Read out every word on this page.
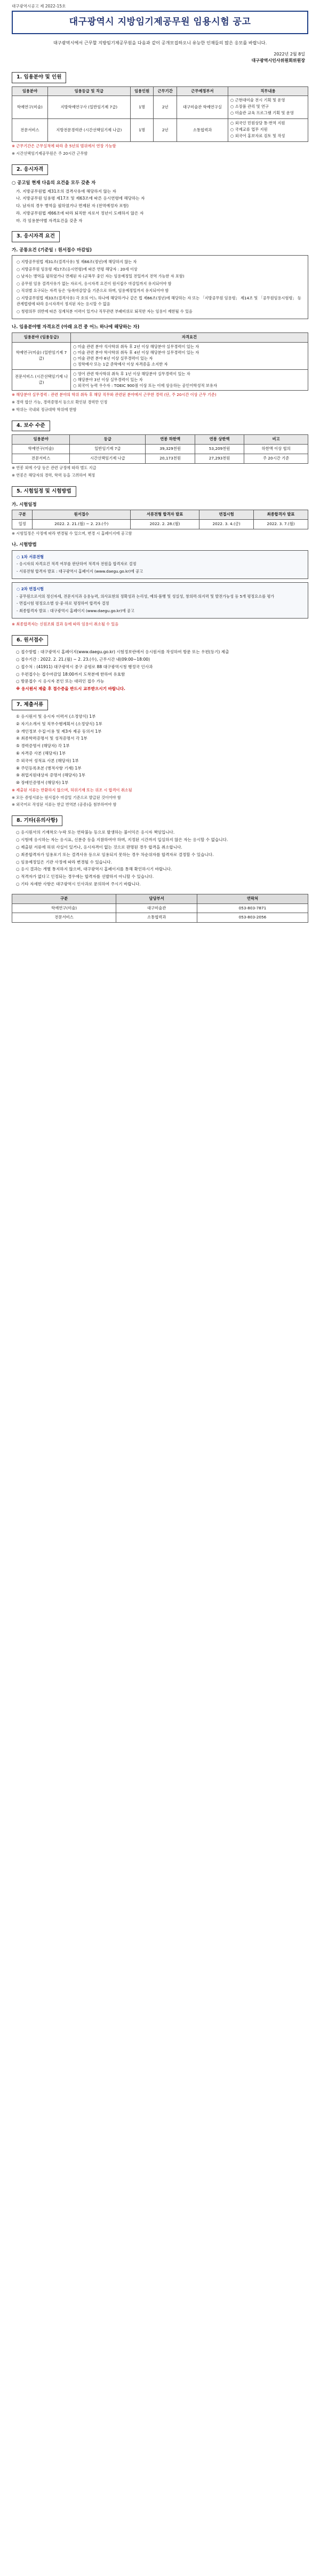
대구광역시공고 제 2022-15호
대구광역시 지방임기제공무원 임용시험 공고

대구광역시에서 근무할 지방임기제공무원을 다음과 같이 공개모집하오니 유능한 인재들의 많은 응모를 바랍니다.

2022년 2월 8일
대구광역시인사위원회위원장
1. 임용분야 및 인원
임용분야	임용등급 및 직급	임용인원	근무기간	근무예정부서	직무내용
학예연구(미술)	지방학예연구사 (일반임기제 7급)	1명	2년	대구미술관 학예연구실	○ 근현대미술 전시 기획 및 운영
○ 소장품 관리 및 연구
○ 미술관 교육 프로그램 기획 및 운영

전문서비스	지방전문경력관 (시간선택임기제 나급)	1명	2년	소통협력과	○ 외국인 민원상담 통·번역 지원
○ 국제교류 업무 지원
○ 외국어 홍보자료 검토 및 작성
※ 근무기간은 근무실적에 따라 총 5년의 범위에서 연장 가능함
※ 시간선택임기제공무원은 주 20시간 근무함
2. 응시자격
○ 공고일 현재 다음의 요건을 모두 갖춘 자
가. 지방공무원법 제31조의 결격사유에 해당하지 않는 자
나. 지방공무원 임용령 제17조 및 제63조에 따른 응시연령에 해당하는 자
다. 남자의 경우 병역을 필하였거나 면제된 자 (전역예정자 포함)
라. 지방공무원법 제66조에 따라 퇴직한 자로서 정년이 도래하지 않은 자
마. 각 임용분야별 자격요건을 갖춘 자
3. 응시자격 요건
가. 공통요건 (기준일 : 원서접수 마감일)

○ 지방공무원법 제31조(결격사유) 및 제66조(정년)에 해당하지 않는 자

○ 지방공무원 임용령 제17조(응시연령)에 따른 연령 해당자 : 20세 이상

○ 남자는 병역을 필하였거나 면제된 자 (군복무 중인 자는 임용예정일 전일까지 전역 가능한 자 포함)

○ 공무원 임용 결격사유가 없는 자로서, 응시자격 요건이 원서접수 마감일까지 유지되어야 함

○ 직위별 요구되는 자격 등은 '등록마감일'을 기준으로 하며, 임용예정일까지 유지되어야 함

○ 지방공무원법 제33조(결격사유) 각 호의 어느 하나에 해당하거나 같은 법 제66조(정년)에 해당하는 자 또는 「지방공무원 임용령」 제14조 및 「공무원임용시험령」 등 관계법령에 따라 응시자격이 정지된 자는 응시할 수 없음

○ 청렴의무 위반에 따른 징계처분 이력이 있거나 직무관련 부패비위로 퇴직한 자는 임용이 제한될 수 있음

나. 임용분야별 자격요건 (아래 요건 중 어느 하나에 해당하는 자)
임용분야 (임용등급)	자격요건
학예연구(미술) (일반임기제 7급)	○ 미술 관련 분야 석사학위 취득 후 2년 이상 해당분야 실무경력이 있는 자
○ 미술 관련 분야 학사학위 취득 후 4년 이상 해당분야 실무경력이 있는 자
○ 미술 관련 분야 6년 이상 실무경력이 있는 자
○ 정학예사 또는 1급 준학예사 이상 자격증을 소지한 자

전문서비스 (시간선택임기제 나급)	○ 영어 관련 학사학위 취득 후 1년 이상 해당분야 실무경력이 있는 자
○ 해당분야 3년 이상 실무경력이 있는 자
○ 외국어 능력 우수자 : TOEIC 900점 이상 또는 이에 상응하는 공인어학성적 보유자
※ 해당분야 실무경력 : 관련 분야의 학위 취득 후 해당 직무와 관련된 분야에서 근무한 경력 (단, 주 20시간 이상 근무 기준)
※ 경력 합산 가능, 경력증명서 등으로 확인된 경력만 인정
※ 학위는 국내외 정규대학 학위에 한함
4. 보수 수준
임용분야	등급	연봉 하한액	연봉 상한액	비고
학예연구(미술)	일반임기제 7급	39,329천원	53,209천원	하한액 이상 협의
전문서비스	시간선택임기제 나급	20,173천원	27,293천원	주 20시간 기준
※ 연봉 외에 수당 등은 관련 규정에 따라 별도 지급
※ 연봉은 해당자의 경력, 학력 등을 고려하여 책정
5. 시험일정 및 시험방법
가. 시험일정
구분	원서접수	서류전형 합격자 발표	면접시험	최종합격자 발표
일정	2022. 2. 21.(월) ~ 2. 23.(수)	2022. 2. 28.(월)	2022. 3. 4.(금)	2022. 3. 7.(월)
※ 시험일정은 사정에 따라 변경될 수 있으며, 변경 시 홈페이지에 공고함
나. 시험방법

○ 1차 서류전형

- 응시자의 자격요건 적격 여부를 판단하여 적격자 전원을 합격자로 결정

- 서류전형 합격자 발표 : 대구광역시 홈페이지 (www.daegu.go.kr)에 공고

○ 2차 면접시험

- 공무원으로서의 정신자세, 전문지식과 응용능력, 의사표현의 정확성과 논리성, 예의·품행 및 성실성, 창의력·의지력 및 발전가능성 등 5개 평정요소를 평가

- 면접시험 평정요소별 상·중·하로 평정하여 합격자 결정

- 최종합격자 발표 : 대구광역시 홈페이지 (www.daegu.go.kr)에 공고

※ 최종합격자는 신원조회 결과 등에 따라 임용이 취소될 수 있음
6. 원서접수
○ 접수방법 : 대구광역시 홈페이지(www.daegu.go.kr) 시험정보란에서 응시원서를 작성하여 방문 또는 우편(등기) 제출
○ 접수기간 : 2022. 2. 21.(월) ~ 2. 23.(수), 근무시간 내(09:00~18:00)
○ 접수처 : (41911) 대구광역시 중구 공평로 88 대구광역시청 행정국 인사과
○ 우편접수는 접수마감일 18:00까지 도착분에 한하여 유효함
○ 방문접수 시 응시자 본인 또는 대리인 접수 가능
※ 응시원서 제출 후 접수증을 반드시 교부받으시기 바랍니다.
7. 제출서류
① 응시원서 및 응시자 이력서 (소정양식) 1부
② 자기소개서 및 직무수행계획서 (소정양식) 1부
③ 개인정보 수집·이용 및 제3자 제공 동의서 1부
④ 최종학력증명서 및 성적증명서 각 1부
⑤ 경력증명서 (해당자) 각 1부
⑥ 자격증 사본 (해당자) 1부
⑦ 외국어 성적표 사본 (해당자) 1부
⑧ 주민등록초본 (병적사항 기재) 1부
⑨ 취업지원대상자 증명서 (해당자) 1부
⑩ 장애인증명서 (해당자) 1부
※ 제출된 서류는 반환하지 않으며, 허위기재 또는 위조 시 합격이 취소됨
※ 모든 증빙서류는 원서접수 마감일 기준으로 발급된 것이어야 함
※ 외국어로 작성된 서류는 한글 번역본 (공증)을 첨부하여야 함
8. 기타(유의사항)
○ 응시원서의 기재착오·누락 또는 연락불능 등으로 발생하는 불이익은 응시자 책임입니다.
○ 시험에 응시하는 자는 응시표, 신분증 등을 지참하여야 하며, 지정된 시간까지 입실하지 않은 자는 응시할 수 없습니다.
○ 제출된 서류에 허위 사실이 있거나, 응시자격이 없는 것으로 판명된 경우 합격을 취소합니다.
○ 최종합격자가 임용포기 또는 결격사유 등으로 임용되지 못하는 경우 차순위자를 합격자로 결정할 수 있습니다.
○ 임용예정일은 기관 사정에 따라 변경될 수 있습니다.
○ 응시 결과는 개별 통지하지 않으며, 대구광역시 홈페이지를 통해 확인하시기 바랍니다.
○ 적격자가 없다고 인정되는 경우에는 합격자를 선발하지 아니할 수 있습니다.
○ 기타 자세한 사항은 대구광역시 인사과로 문의하여 주시기 바랍니다.
구분	담당부서	연락처
학예연구(미술)	대구미술관	053-803-7871
전문서비스	소통협력과	053-803-2056
